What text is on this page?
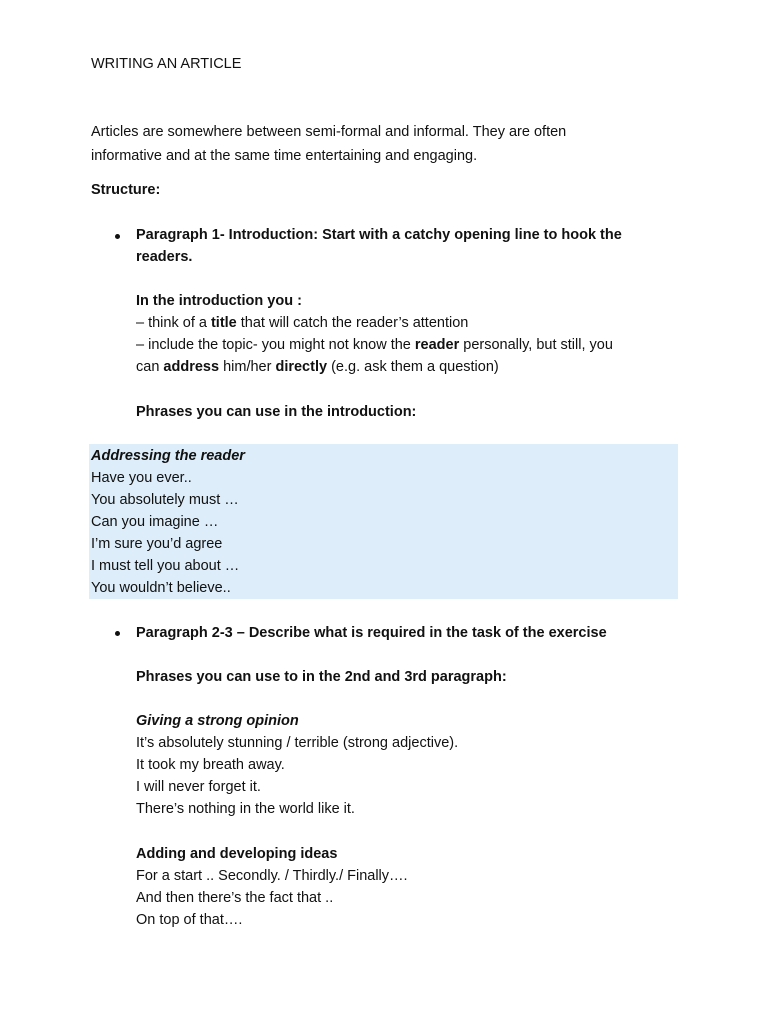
WRITING AN ARTICLE
Articles are somewhere between semi-formal and informal. They are often
informative and at the same time entertaining and engaging.
Structure:
Paragraph 1- Introduction: Start with a catchy opening line to hook the
readers.
In the introduction you :
– think of a title that will catch the reader’s attention
– include the topic- you might not know the reader personally, but still, you
can address him/her directly (e.g. ask them a question)
Phrases you can use in the introduction:
Addressing the reader
Have you ever..
You absolutely must …
Can you imagine …
I’m sure you’d agree
I must tell you about …
You wouldn’t believe..
Paragraph 2-3 – Describe what is required in the task of the exercise
Phrases you can use to in the 2nd and 3rd paragraph:
Giving a strong opinion
It’s absolutely stunning / terrible (strong adjective).
It took my breath away.
I will never forget it.
There’s nothing in the world like it.
Adding and developing ideas
For a start .. Secondly. / Thirdly./ Finally….
And then there’s the fact that ..
On top of that….
